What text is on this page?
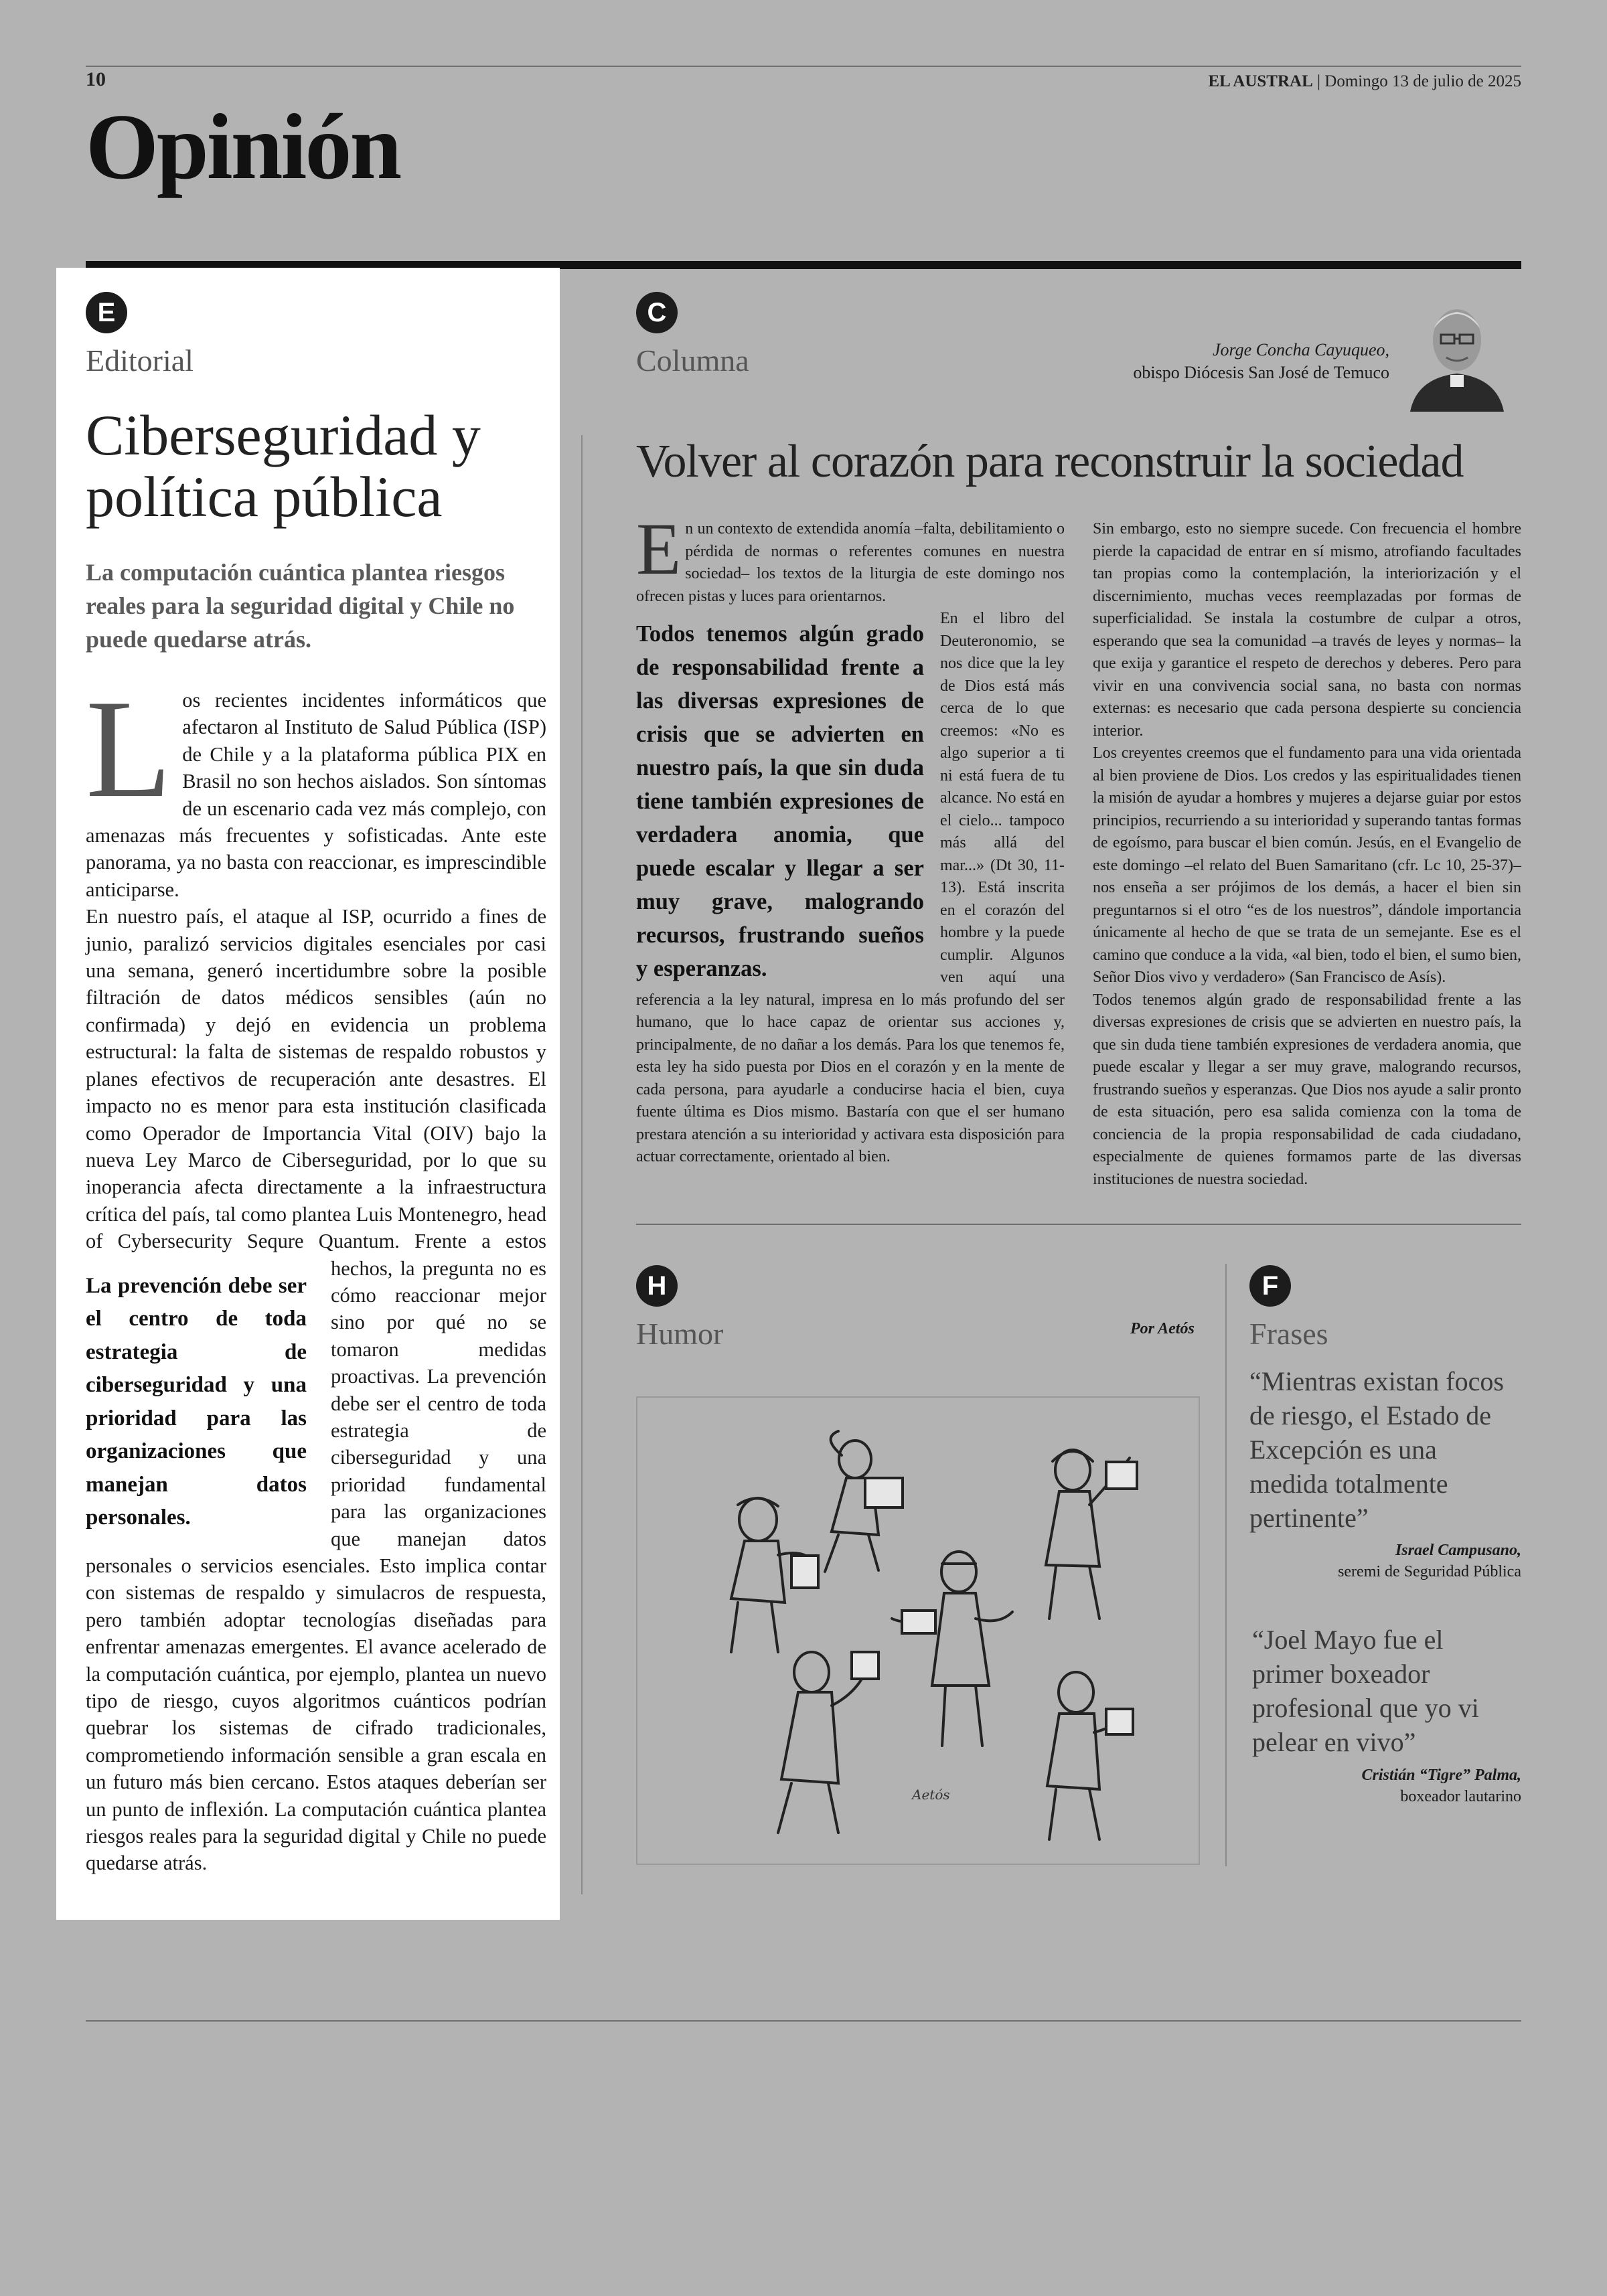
10	EL AUSTRAL | Domingo 13 de julio de 2025
Opinión
E
Editorial
Ciberseguridad y política pública
La computación cuántica plantea riesgos reales para la seguridad digital y Chile no puede quedarse atrás.
L os recientes incidentes informáticos que afectaron al Instituto de Salud Pública (ISP) de Chile y a la plataforma pública PIX en Brasil no son hechos aislados. Son síntomas de un escenario cada vez más complejo, con amenazas más frecuentes y sofisticadas. Ante este panorama, ya no basta con reaccionar, es imprescindible anticiparse.
En nuestro país, el ataque al ISP, ocurrido a fines de junio, paralizó servicios digitales esenciales por casi una semana, generó incertidumbre sobre la posible filtración de datos médicos sensibles (aún no confirmada) y dejó en evidencia un problema estructural: la falta de sistemas de respaldo robustos y planes efectivos de recuperación ante desastres. El impacto no es menor para esta institución clasificada como Operador de Importancia Vital (OIV) bajo la nueva Ley Marco de Ciberseguridad, por lo que su inoperancia afecta directamente a la infraestructura crítica del país, tal como plantea Luis Montenegro, head of Cybersecurity Sequre Quantum.
La prevención debe ser el centro de toda estrategia de ciberseguridad y una prioridad para las organizaciones que manejan datos personales.
Frente a estos hechos, la pregunta no es cómo reaccionar mejor sino por qué no se tomaron medidas proactivas. La prevención debe ser el centro de toda estrategia de ciberseguridad y una prioridad fundamental para las organizaciones que manejan datos personales o servicios esenciales. Esto implica contar con sistemas de respaldo y simulacros de respuesta, pero también adoptar tecnologías diseñadas para enfrentar amenazas emergentes. El avance acelerado de la computación cuántica, por ejemplo, plantea un nuevo tipo de riesgo, cuyos algoritmos cuánticos podrían quebrar los sistemas de cifrado tradicionales, comprometiendo información sensible a gran escala en un futuro más bien cercano. Estos ataques deberían ser un punto de inflexión. La computación cuántica plantea riesgos reales para la seguridad digital y Chile no puede quedarse atrás.
C
Columna	Jorge Concha Cayuqueo,
obispo Diócesis San José de Temuco
Volver al corazón para reconstruir la sociedad
E n un contexto de extendida anomía –falta, debilitamiento o pérdida de normas o referentes comunes en nuestra sociedad– los textos de la liturgia de este domingo nos ofrecen pistas y luces para orientarnos.

Todos tenemos algún grado de responsabilidad frente a las diversas expresiones de crisis que se advierten en nuestro país, la que sin duda tiene también expresiones de verdadera anomia, que puede escalar y llegar a ser muy grave, malogrando recursos, frustrando sueños y esperanzas.
En el libro del Deuteronomio, se nos dice que la ley de Dios está más cerca de lo que creemos: «No es algo superior a ti ni está fuera de tu alcance. No está en el cielo... tampoco más allá del mar...» (Dt 30, 11-13). Está inscrita en el corazón del hombre y la puede cumplir. Algunos ven aquí una referencia a la ley natural, impresa en lo más profundo del ser humano, que lo hace capaz de orientar sus acciones y, principalmente, de no dañar a los demás. Para los que tenemos fe, esta ley ha sido puesta por Dios en el corazón y en la mente de cada persona, para ayudarle a conducirse hacia el bien, cuya fuente última es Dios mismo. Bastaría con que el ser humano prestara atención a su interioridad y activara esta disposición para actuar correctamente, orientado al bien.
Sin embargo, esto no siempre sucede. Con frecuencia el hombre pierde la capacidad de entrar en sí mismo, atrofiando facultades tan propias como la contemplación, la interiorización y el discernimiento, muchas veces reemplazadas por formas de superficialidad. Se instala la costumbre de culpar a otros, esperando que sea la comunidad –a través de leyes y normas– la que exija y garantice el respeto de derechos y deberes. Pero para vivir en una convivencia social sana, no basta con normas externas: es necesario que cada persona despierte su conciencia interior.
Los creyentes creemos que el fundamento para una vida orientada al bien proviene de Dios. Los credos y las espiritualidades tienen la misión de ayudar a hombres y mujeres a dejarse guiar por estos principios, recurriendo a su interioridad y superando tantas formas de egoísmo, para buscar el bien común. Jesús, en el Evangelio de este domingo –el relato del Buen Samaritano (cfr. Lc 10, 25-37)– nos enseña a ser prójimos de los demás, a hacer el bien sin preguntarnos si el otro “es de los nuestros”, dándole importancia únicamente al hecho de que se trata de un semejante. Ese es el camino que conduce a la vida, «al bien, todo el bien, el sumo bien, Señor Dios vivo y verdadero» (San Francisco de Asís).
Todos tenemos algún grado de responsabilidad frente a las diversas expresiones de crisis que se advierten en nuestro país, la que sin duda tiene también expresiones de verdadera anomia, que puede escalar y llegar a ser muy grave, malogrando recursos, frustrando sueños y esperanzas. Que Dios nos ayude a salir pronto de esta situación, pero esa salida comienza con la toma de conciencia de la propia responsabilidad de cada ciudadano, especialmente de quienes formamos parte de las diversas instituciones de nuestra sociedad.
H
Humor	Por Aetós
Aetós
F
Frases
“Mientras existan focos de riesgo, el Estado de Excepción es una medida totalmente pertinente”
Israel Campusano,
seremi de Seguridad Pública
“Joel Mayo fue el primer boxeador profesional que yo vi pelear en vivo”
Cristián “Tigre” Palma,
boxeador lautarino
